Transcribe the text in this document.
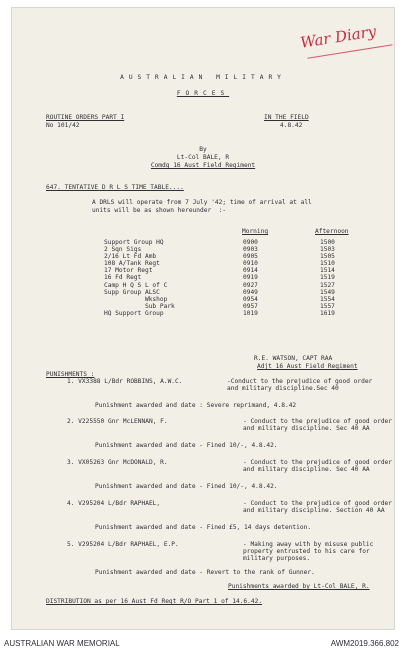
War Diary
AUSTRALIAN MILITARY
FORCES
ROUTINE ORDERS PART I
No 101/42
IN THE FIELD
4.8.42
By
Lt-Col BALE, R
Comdg 16 Aust Field Regiment
647. TENTATIVE D R L S TIME TABLE....
A DRLS will operate from 7 July '42; time of arrival at all
units will be as shown hereunder  :-
Morning	Afternoon
Support Group HQ	0900	1500
2 Sqn Sigs	0903	1503
2/16 Lt Fd Amb	0905	1505
108 A/Tank Regt	0910	1510
17 Motor Regt	0914	1514
16 Fd Regt	0919	1519
Camp H Q S L of C	0927	1527
Supp Group ALSC	0949	1549
Wkshop	0954	1554
Sub Park	0957	1557
HQ Support Group	1019	1619
R.E. WATSON, CAPT RAA
Adjt 16 Aust Field Regiment
PUNISHMENTS :
1. VX3388 L/Bdr ROBBINS, A.W.C.	-Conduct to the prejudice of good order and military discipline.Sec 40
Punishment awarded and date : Severe reprimand, 4.8.42
2. V225550 Gnr McLENNAN, F.	- Conduct to the prejudice of good order and military discipline. Sec 40 AA
Punishment awarded and date - Fined 10/-, 4.8.42.
3. VX05263 Gnr McDONALD, R.	- Conduct to the prejudice of good order and military discipline. Sec 40 AA
Punishment awarded and date - Fined 10/-, 4.8.42.
4. V295204 L/Bdr RAPHAEL,	- Conduct to the prejudice of good order and military discipline. Section 40 AA
Punishment awarded and date - Fined £5, 14 days detention.
5. V295204 L/Bdr RAPHAEL, E.P.	- Making away with by misuse public property entrusted to his care for military purposes.
Punishment awarded and date - Revert to the rank of Gunner.
Punishments awarded by Lt-Col BALE, R.
DISTRIBUTION as per 16 Aust Fd Regt R/O Part 1 of 14.6.42.
AUSTRALIAN WAR MEMORIAL	AWM2019.366.802
